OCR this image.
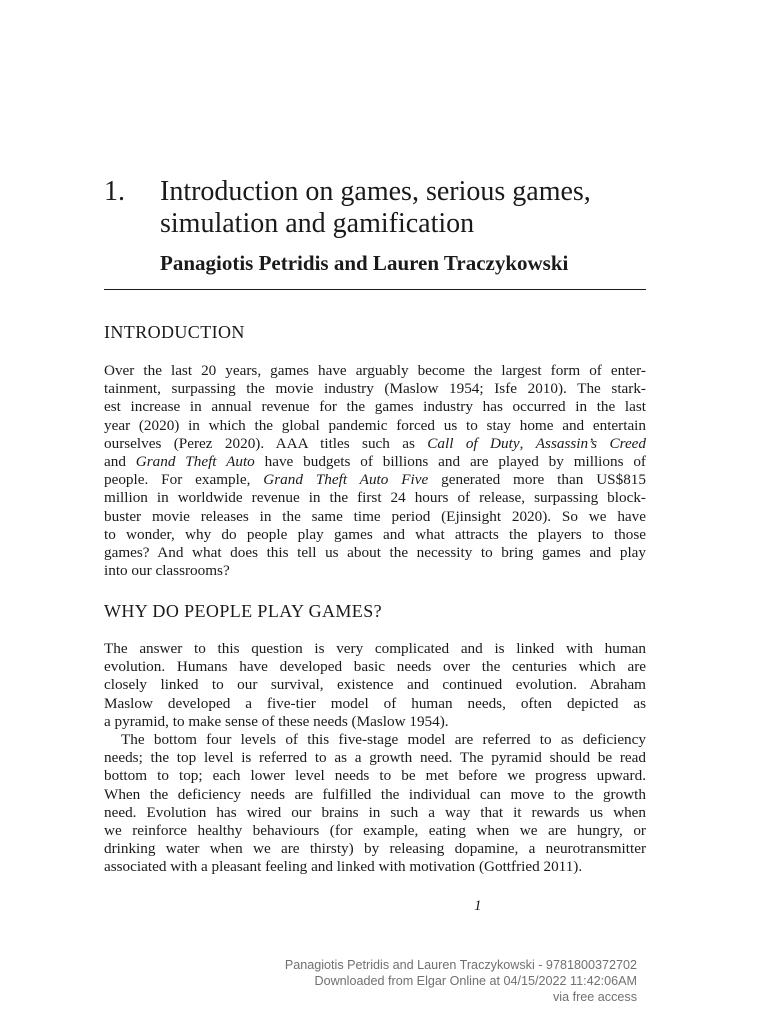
1. Introduction on games, serious games,
simulation and gamification
Panagiotis Petridis and Lauren Traczykowski
INTRODUCTION
Over the last 20 years, games have arguably become the largest form of enter-
tainment, surpassing the movie industry (Maslow 1954; Isfe 2010). The stark-
est increase in annual revenue for the games industry has occurred in the last
year (2020) in which the global pandemic forced us to stay home and entertain
ourselves (Perez 2020). AAA titles such as Call of Duty, Assassin’s Creed
and Grand Theft Auto have budgets of billions and are played by millions of
people. For example, Grand Theft Auto Five generated more than US$815
million in worldwide revenue in the first 24 hours of release, surpassing block-
buster movie releases in the same time period (Ejinsight 2020). So we have
to wonder, why do people play games and what attracts the players to those
games? And what does this tell us about the necessity to bring games and play
into our classrooms?
WHY DO PEOPLE PLAY GAMES?
The answer to this question is very complicated and is linked with human
evolution. Humans have developed basic needs over the centuries which are
closely linked to our survival, existence and continued evolution. Abraham
Maslow developed a five-tier model of human needs, often depicted as
a pyramid, to make sense of these needs (Maslow 1954).
The bottom four levels of this five-stage model are referred to as deficiency
needs; the top level is referred to as a growth need. The pyramid should be read
bottom to top; each lower level needs to be met before we progress upward.
When the deficiency needs are fulfilled the individual can move to the growth
need. Evolution has wired our brains in such a way that it rewards us when
we reinforce healthy behaviours (for example, eating when we are hungry, or
drinking water when we are thirsty) by releasing dopamine, a neurotransmitter
associated with a pleasant feeling and linked with motivation (Gottfried 2011).
1
Panagiotis Petridis and Lauren Traczykowski - 9781800372702
Downloaded from Elgar Online at 04/15/2022 11:42:06AM
via free access
